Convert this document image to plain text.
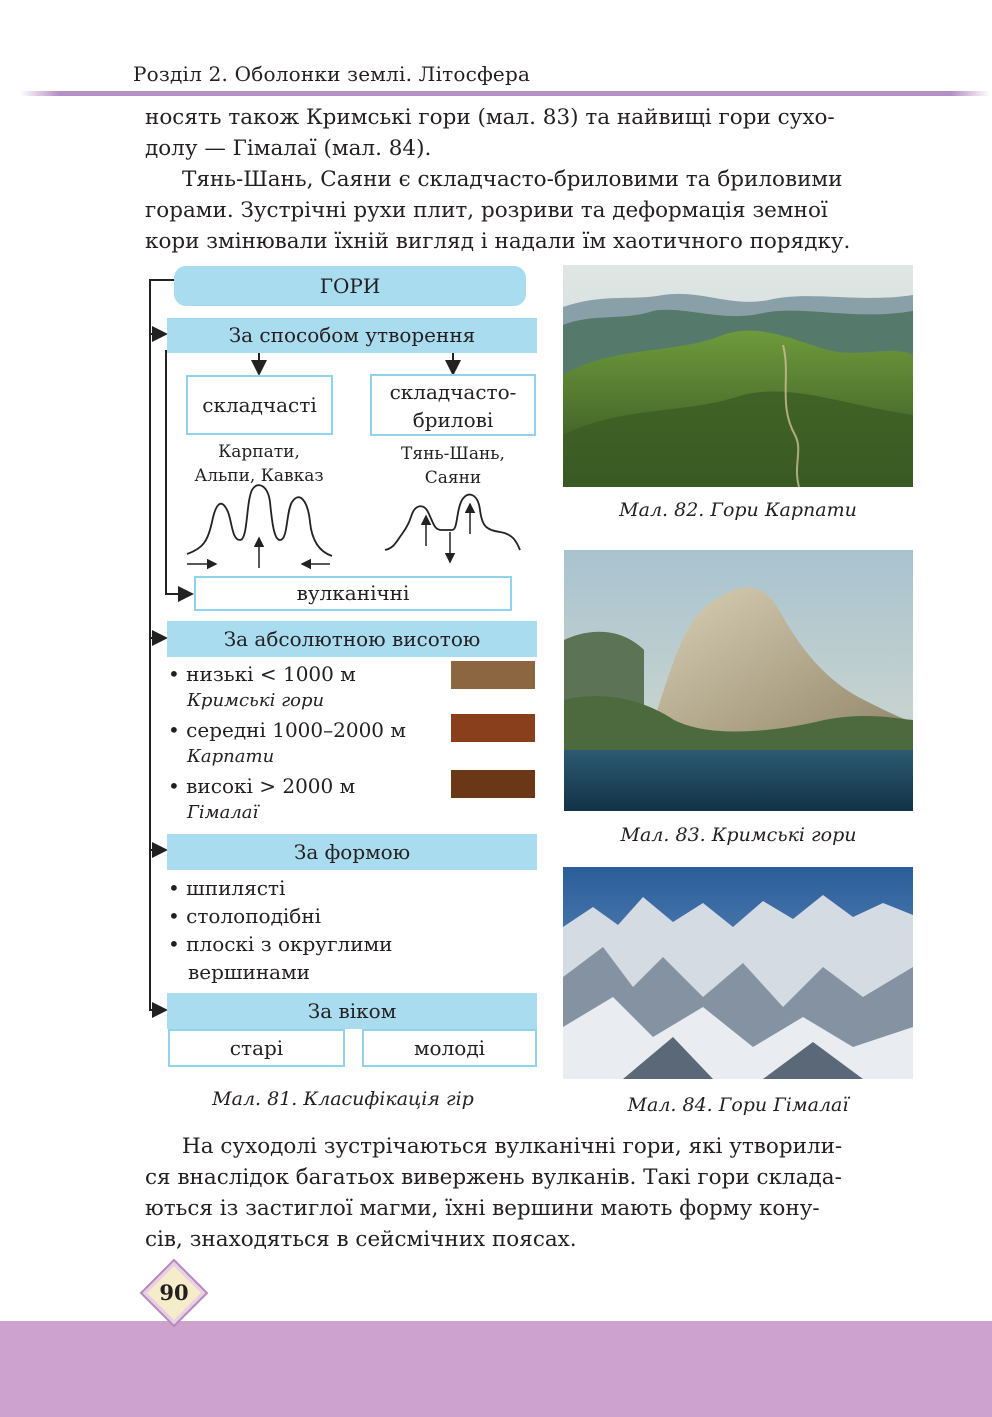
Розділ 2. Оболонки землі. Літосфера

носять також Кримські гори (мал. 83) та найвищі гори сухо-

долу — Гімалаї (мал. 84).

Тянь-Шань, Саяни є складчасто-бриловими та бриловими

горами. Зустрічні рухи плит, розриви та деформація земної

кори змінювали їхній вигляд і надали їм хаотичного порядку.

ГОРИ
За способом утворення
складчасті
складчасто-
брилові
Карпати,
Альпи, Кавказ
Тянь-Шань,
Саяни
вулканічні
За абсолютною висотою
• низькі < 1000 м
Кримські гори
• середні 1000–2000 м
Карпати
• високі > 2000 м
Гімалаї
За формою
• шпилясті
• столоподібні
• плоскі з округлими
вершинами
За віком
старі	молоді
Мал. 81. Класифікація гір
Мал. 82. Гори Карпати
Мал. 83. Кримські гори
Мал. 84. Гори Гімалаї

На суходолі зустрічаються вулканічні гори, які утворили-

ся внаслідок багатьох вивержень вулканів. Такі гори склада-

ються із застиглої магми, їхні вершини мають форму кону-

сів, знаходяться в сейсмічних поясах.

90
